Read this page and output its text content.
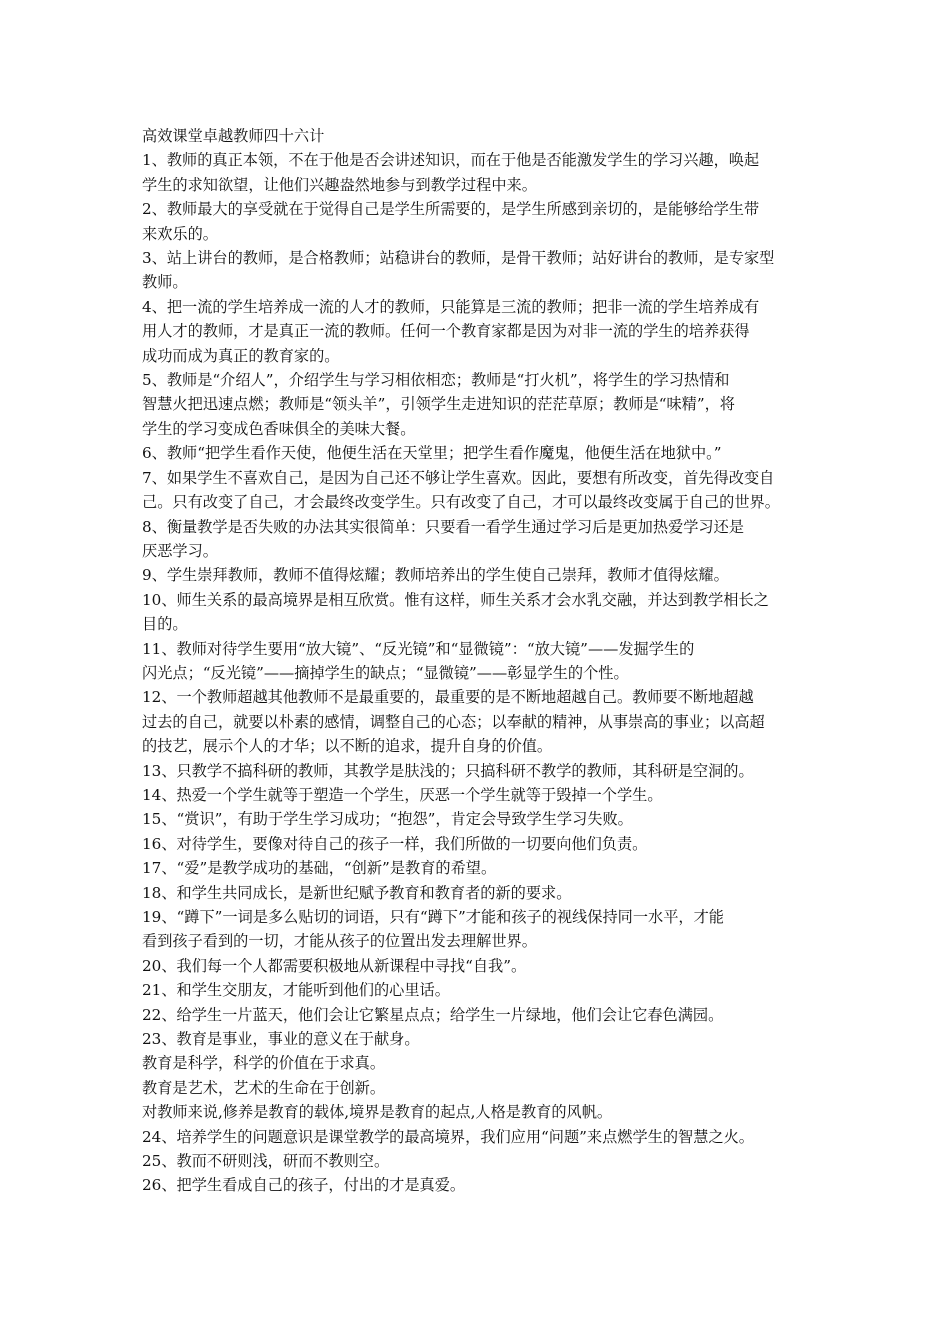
高效课堂卓越教师四十六计
1、教师的真正本领，不在于他是否会讲述知识，而在于他是否能激发学生的学习兴趣，唤起
学生的求知欲望，让他们兴趣盎然地参与到教学过程中来。
2、教师最大的享受就在于觉得自己是学生所需要的，是学生所感到亲切的，是能够给学生带
来欢乐的。
3、站上讲台的教师，是合格教师；站稳讲台的教师，是骨干教师；站好讲台的教师，是专家型
教师。
4、把一流的学生培养成一流的人才的教师，只能算是三流的教师；把非一流的学生培养成有
用人才的教师，才是真正一流的教师。任何一个教育家都是因为对非一流的学生的培养获得
成功而成为真正的教育家的。
5、教师是“介绍人”，介绍学生与学习相依相恋；教师是“打火机”，将学生的学习热情和
智慧火把迅速点燃；教师是“领头羊”，引领学生走进知识的茫茫草原；教师是“味精”，将
学生的学习变成色香味俱全的美味大餐。
6、教师“把学生看作天使，他便生活在天堂里；把学生看作魔鬼，他便生活在地狱中。”
7、如果学生不喜欢自己，是因为自己还不够让学生喜欢。因此，要想有所改变，首先得改变自
己。只有改变了自己，才会最终改变学生。只有改变了自己，才可以最终改变属于自己的世界。
8、衡量教学是否失败的办法其实很简单：只要看一看学生通过学习后是更加热爱学习还是
厌恶学习。
9、学生崇拜教师，教师不值得炫耀；教师培养出的学生使自己崇拜，教师才值得炫耀。
10、师生关系的最高境界是相互欣赏。惟有这样，师生关系才会水乳交融，并达到教学相长之
目的。
11、教师对待学生要用“放大镜”、“反光镜”和“显微镜”：“放大镜”——发掘学生的
闪光点；“反光镜”——摘掉学生的缺点；“显微镜”——彰显学生的个性。
12、一个教师超越其他教师不是最重要的，最重要的是不断地超越自己。教师要不断地超越
过去的自己，就要以朴素的感情，调整自己的心态；以奉献的精神，从事崇高的事业；以高超
的技艺，展示个人的才华；以不断的追求，提升自身的价值。
13、只教学不搞科研的教师，其教学是肤浅的；只搞科研不教学的教师，其科研是空洞的。
14、热爱一个学生就等于塑造一个学生，厌恶一个学生就等于毁掉一个学生。
15、“赏识”，有助于学生学习成功；“抱怨”，肯定会导致学生学习失败。
16、对待学生，要像对待自己的孩子一样，我们所做的一切要向他们负责。
17、“爱”是教学成功的基础，“创新”是教育的希望。
18、和学生共同成长，是新世纪赋予教育和教育者的新的要求。
19、“蹲下”一词是多么贴切的词语，只有“蹲下”才能和孩子的视线保持同一水平，才能
看到孩子看到的一切，才能从孩子的位置出发去理解世界。
20、我们每一个人都需要积极地从新课程中寻找“自我”。
21、和学生交朋友，才能听到他们的心里话。
22、给学生一片蓝天，他们会让它繁星点点；给学生一片绿地，他们会让它春色满园。
23、教育是事业，事业的意义在于献身。
教育是科学，科学的价值在于求真。
教育是艺术，艺术的生命在于创新。
对教师来说,修养是教育的载体,境界是教育的起点,人格是教育的风帆。
24、培养学生的问题意识是课堂教学的最高境界，我们应用“问题”来点燃学生的智慧之火。
25、教而不研则浅，研而不教则空。
26、把学生看成自己的孩子，付出的才是真爱。
